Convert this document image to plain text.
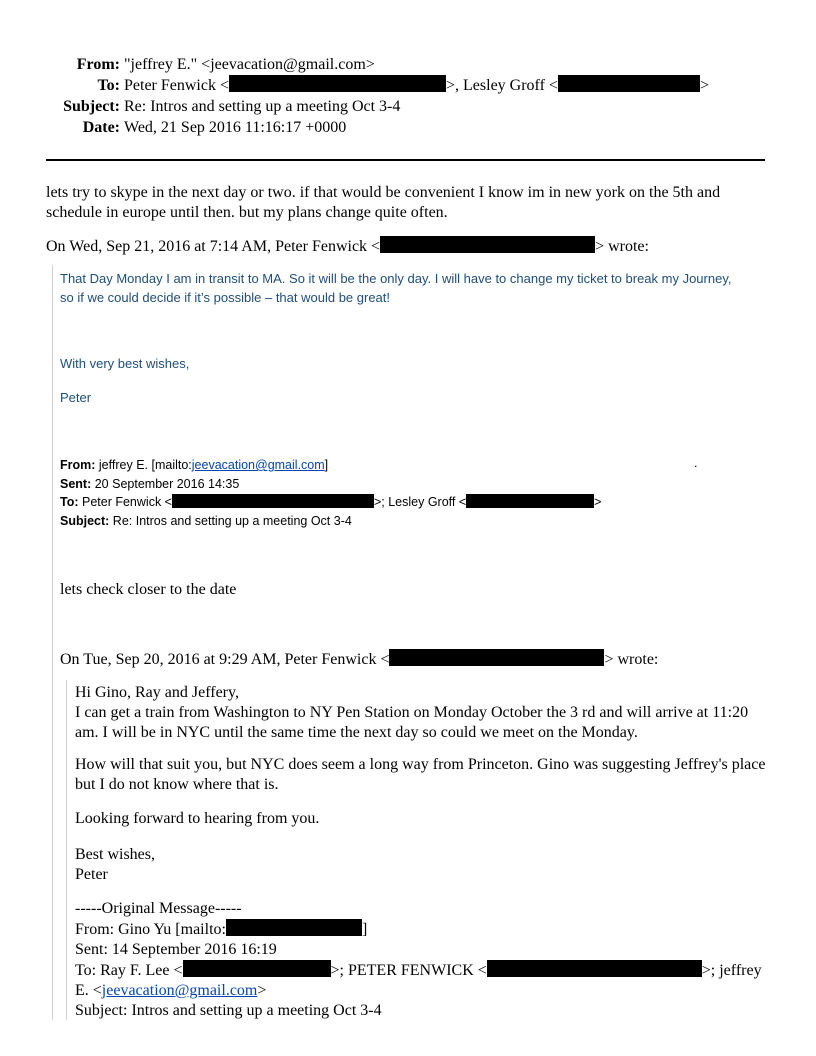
From: "jeffrey E." <jeevacation@gmail.com>
To: Peter Fenwick <	>, Lesley Groff <	>
Subject: Re: Intros and setting up a meeting Oct 3-4
Date: Wed, 21 Sep 2016 11:16:17 +0000
lets try to skype in the next day or two. if that would be convenient I know im in new york on the 5th and
schedule in europe until then. but my plans change quite often.
On Wed, Sep 21, 2016 at 7:14 AM, Peter Fenwick <	> wrote:
That Day Monday I am in transit to MA. So it will be the only day. I will have to change my ticket to break my Journey,
so if we could decide if it’s possible – that would be great!
With very best wishes,
Peter
From: jeffrey E. [mailto:jeevacation@gmail.com]
Sent: 20 September 2016 14:35
To: Peter Fenwick <	>; Lesley Groff <	>
Subject: Re: Intros and setting up a meeting Oct 3-4
.
lets check closer to the date
On Tue, Sep 20, 2016 at 9:29 AM, Peter Fenwick <	> wrote:
Hi Gino, Ray and Jeffery,
I can get a train from Washington to NY Pen Station on Monday October the 3 rd and will arrive at 11:20
am. I will be in NYC until the same time the next day so could we meet on the Monday.
How will that suit you, but NYC does seem a long way from Princeton. Gino was suggesting Jeffrey's place
but I do not know where that is.
Looking forward to hearing from you.
Best wishes,
Peter
-----Original Message-----
From: Gino Yu [mailto:	]
Sent: 14 September 2016 16:19
To: Ray F. Lee <	>; PETER FENWICK <	>; jeffrey
E. <jeevacation@gmail.com>
Subject: Intros and setting up a meeting Oct 3-4
